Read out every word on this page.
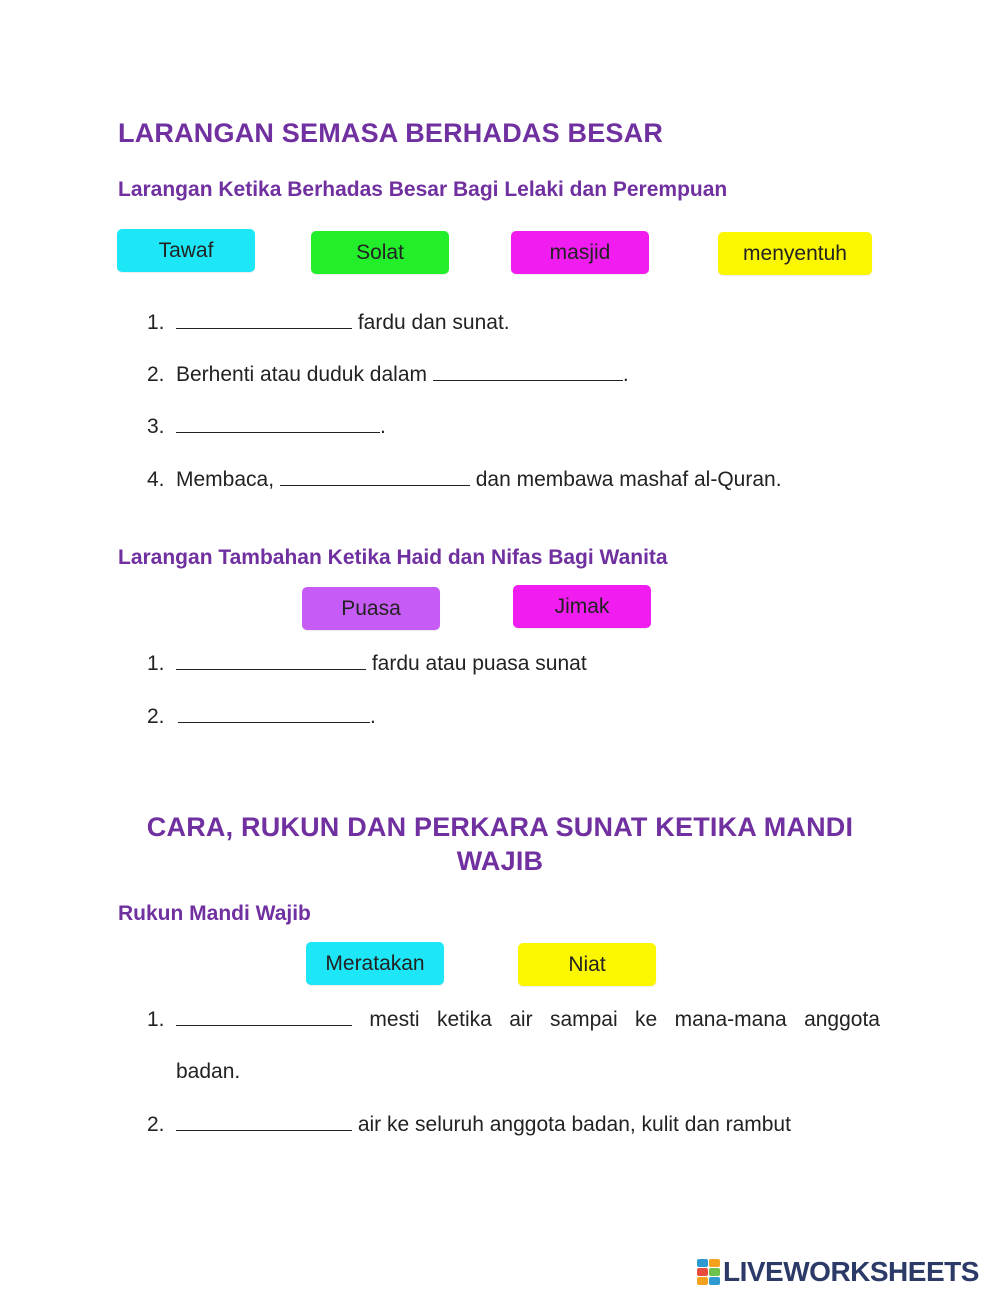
LARANGAN SEMASA BERHADAS BESAR
Larangan Ketika Berhadas Besar Bagi Lelaki dan Perempuan
Tawaf	Solat	masjid	menyentuh
1.	fardu dan sunat.
2. Berhenti atau duduk dalam	.
3.	.
4. Membaca,	dan membawa mashaf al-Quran.
Larangan Tambahan Ketika Haid dan Nifas Bagi Wanita
Puasa	Jimak
1.	fardu atau puasa sunat
2.	.
CARA, RUKUN DAN PERKARA SUNAT KETIKA MANDI
WAJIB
Rukun Mandi Wajib
Meratakan	Niat
1.	mesti ketika air sampai ke mana-mana anggota
badan.
2.	air ke seluruh anggota badan, kulit dan rambut
LIVEWORKSHEETS
